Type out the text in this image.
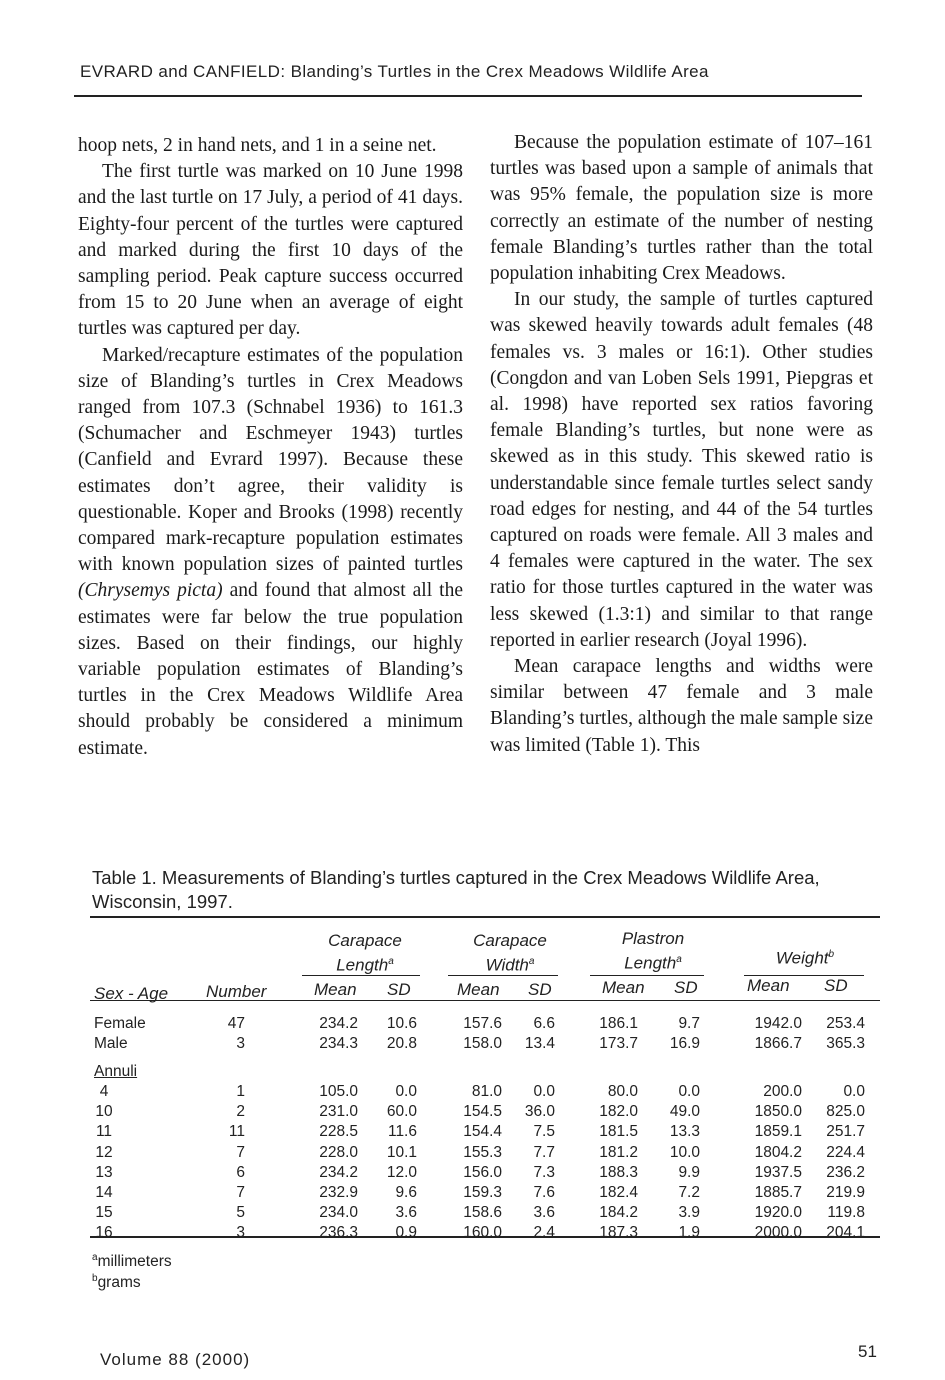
EVRARD and CANFIELD: Blanding’s Turtles in the Crex Meadows Wildlife Area

hoop nets, 2 in hand nets, and 1 in a seine net.

The first turtle was marked on 10 June 1998 and the last turtle on 17 July, a period of 41 days. Eighty-four percent of the turtles were captured and marked during the first 10 days of the sampling period. Peak capture success occurred from 15 to 20 June when an average of eight turtles was captured per day.

Marked/recapture estimates of the population size of Blanding’s turtles in Crex Meadows ranged from 107.3 (Schnabel 1936) to 161.3 (Schumacher and Eschmeyer 1943) turtles (Canfield and Evrard 1997). Because these estimates don’t agree, their validity is questionable. Koper and Brooks (1998) recently compared mark-recapture population estimates with known population sizes of painted turtles (Chrysemys picta) and found that almost all the estimates were far below the true population sizes. Based on their findings, our highly variable population estimates of Blanding’s turtles in the Crex Meadows Wildlife Area should probably be considered a minimum estimate.

Because the population estimate of 107–161 turtles was based upon a sample of animals that was 95% female, the population size is more correctly an estimate of the number of nesting female Blanding’s turtles rather than the total population inhabiting Crex Meadows.

In our study, the sample of turtles captured was skewed heavily towards adult females (48 females vs. 3 males or 16:1). Other studies (Congdon and van Loben Sels 1991, Piepgras et al. 1998) have reported sex ratios favoring female Blanding’s turtles, but none were as skewed as in this study. This skewed ratio is understandable since female turtles select sandy road edges for nesting, and 44 of the 54 turtles captured on roads were female. All 3 males and 4 females were captured in the water. The sex ratio for those turtles captured in the water was less skewed (1.3:1) and similar to that range reported in earlier research (Joyal 1996).

Mean carapace lengths and widths were similar between 47 female and 3 male Blanding’s turtles, although the male sample size was limited (Table 1). This

Table 1. Measurements of Blanding’s turtles captured in the Crex Meadows Wildlife Area, Wisconsin, 1997.
Carapace
Length$^a$
Carapace
Width$^a$
Plastron
Length$^a$	Weight$^b$
Sex - Age Number	Mean SD	Mean SD	Mean SD	Mean SD
Female	47	234.2	10.6	157.6	6.6	186.1	9.7	1942.0	253.4
Male	3	234.3	20.8	158.0	13.4	173.7	16.9	1866.7	365.3
Annuli
4	1	105.0	0.0	81.0	0.0	80.0	0.0	200.0	0.0
10	2	231.0	60.0	154.5	36.0	182.0	49.0	1850.0	825.0
11	11	228.5	11.6	154.4	7.5	181.5	13.3	1859.1	251.7
12	7	228.0	10.1	155.3	7.7	181.2	10.0	1804.2	224.4
13	6	234.2	12.0	156.0	7.3	188.3	9.9	1937.5	236.2
14	7	232.9	9.6	159.3	7.6	182.4	7.2	1885.7	219.9
15	5	234.0	3.6	158.6	3.6	184.2	3.9	1920.0	119.8
16	3	236.3	0.9	160.0	2.4	187.3	1.9	2000.0	204.1
$^a$millimeters
$^b$grams
Volume 88 (2000)	51
